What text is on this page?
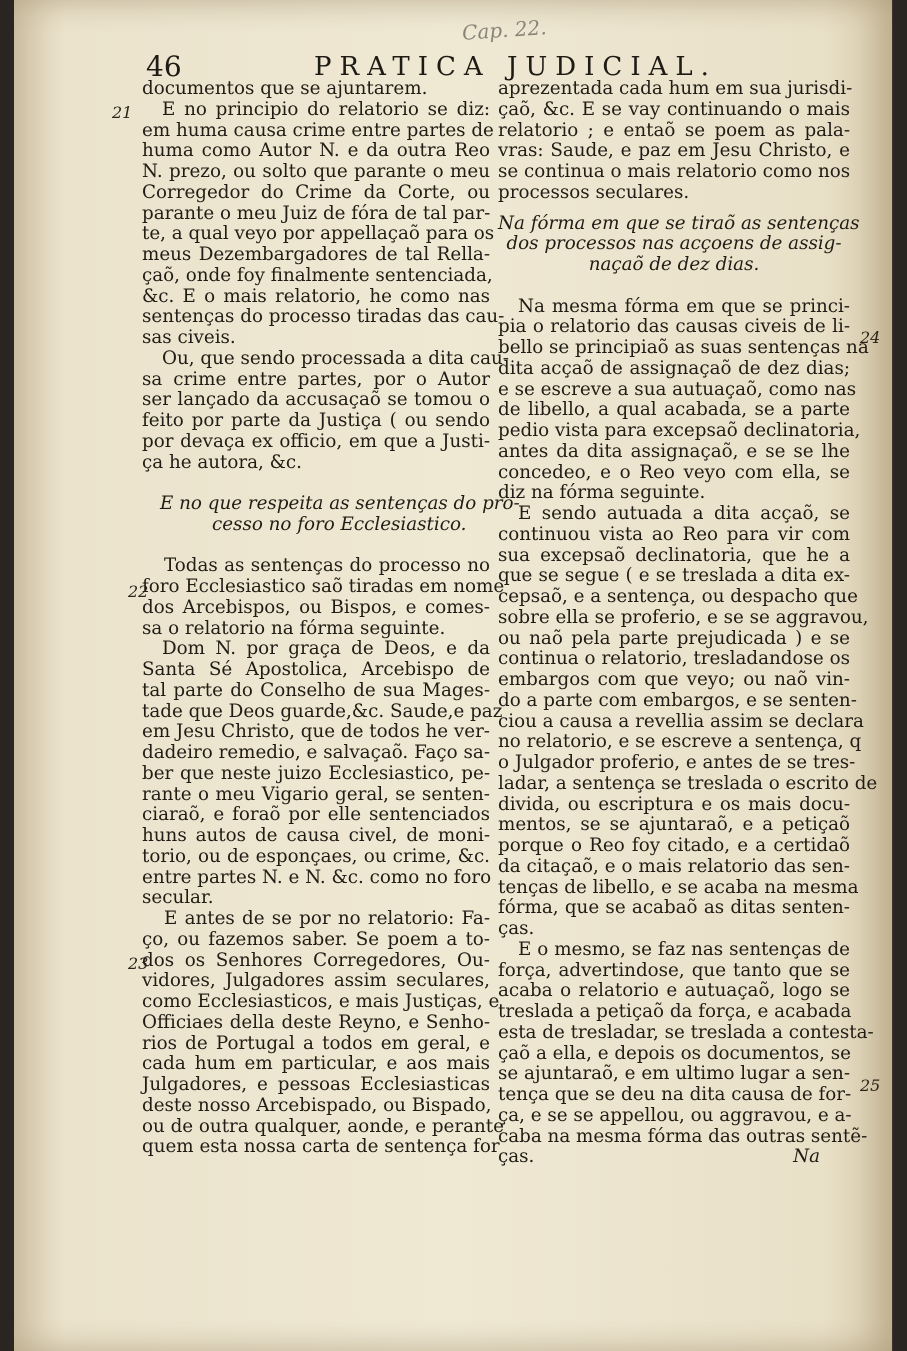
Cap. 22.
46	PRATICA JUDICIAL.
21
22
23
24
25
documentos que se ajuntarem.
E no principio do relatorio se diz:
em huma causa crime entre partes de
huma como Autor N. e da outra Reo
N. prezo, ou solto que parante o meu
Corregedor do Crime da Corte, ou
parante o meu Juiz de fóra de tal par-
te, a qual veyo por appellaçaõ para os
meus Dezembargadores de tal Rella-
çaõ, onde foy finalmente sentenciada,
&c. E o mais relatorio, he como nas
sentenças do processo tiradas das cau-
sas civeis.
Ou, que sendo processada a dita cau-
sa crime entre partes, por o Autor
ser lançado da accusaçaõ se tomou o
feito por parte da Justiça ( ou sendo
por devaça ex officio, em que a Justi-
ça he autora, &c.
E no que respeita as sentenças do pro-
cesso no foro Ecclesiastico.
Todas as sentenças do processo no
foro Ecclesiastico saõ tiradas em nome
dos Arcebispos, ou Bispos, e comes-
sa o relatorio na fórma seguinte.
Dom N. por graça de Deos, e da
Santa Sé Apostolica, Arcebispo de
tal parte do Conselho de sua Mages-
tade que Deos guarde,&c. Saude,e paz
em Jesu Christo, que de todos he ver-
dadeiro remedio, e salvaçaõ. Faço sa-
ber que neste juizo Ecclesiastico, pe-
rante o meu Vigario geral, se senten-
ciaraõ, e foraõ por elle sentenciados
huns autos de causa civel, de moni-
torio, ou de esponçaes, ou crime, &c.
entre partes N. e N. &c. como no foro
secular.
E antes de se por no relatorio: Fa-
ço, ou fazemos saber. Se poem a to-
dos os Senhores Corregedores, Ou-
vidores, Julgadores assim seculares,
como Ecclesiasticos, e mais Justiças, e
Officiaes della deste Reyno, e Senho-
rios de Portugal a todos em geral, e
cada hum em particular, e aos mais
Julgadores, e pessoas Ecclesiasticas
deste nosso Arcebispado, ou Bispado,
ou de outra qualquer, aonde, e perante
quem esta nossa carta de sentença for
aprezentada cada hum em sua jurisdi-
çaõ, &c. E se vay continuando o mais
relatorio ; e entaõ se poem as pala-
vras: Saude, e paz em Jesu Christo, e
se continua o mais relatorio como nos
processos seculares.
Na fórma em que se tiraõ as sentenças
dos processos nas acçoens de assig-
naçaõ de dez dias.
Na mesma fórma em que se princi-
pia o relatorio das causas civeis de li-
bello se principiaõ as suas sentenças na
dita acçaõ de assignaçaõ de dez dias;
e se escreve a sua autuaçaõ, como nas
de libello, a qual acabada, se a parte
pedio vista para excepsaõ declinatoria,
antes da dita assignaçaõ, e se se lhe
concedeo, e o Reo veyo com ella, se
diz na fórma seguinte.
E sendo autuada a dita acçaõ, se
continuou vista ao Reo para vir com
sua excepsaõ declinatoria, que he a
que se segue ( e se treslada a dita ex-
cepsaõ, e a sentença, ou despacho que
sobre ella se proferio, e se se aggravou,
ou naõ pela parte prejudicada ) e se
continua o relatorio, tresladandose os
embargos com que veyo; ou naõ vin-
do a parte com embargos, e se senten-
ciou a causa a revellia assim se declara
no relatorio, e se escreve a sentença, q
o Julgador proferio, e antes de se tres-
ladar, a sentença se treslada o escrito de
divida, ou escriptura e os mais docu-
mentos, se se ajuntaraõ, e a petiçaõ
porque o Reo foy citado, e a certidaõ
da citaçaõ, e o mais relatorio das sen-
tenças de libello, e se acaba na mesma
fórma, que se acabaõ as ditas senten-
ças.
E o mesmo, se faz nas sentenças de
força, advertindose, que tanto que se
acaba o relatorio e autuaçaõ, logo se
treslada a petiçaõ da força, e acabada
esta de tresladar, se treslada a contesta-
çaõ a ella, e depois os documentos, se
se ajuntaraõ, e em ultimo lugar a sen-
tença que se deu na dita causa de for-
ça, e se se appellou, ou aggravou, e a-
caba na mesma fórma das outras sentẽ-
ças.	Na
